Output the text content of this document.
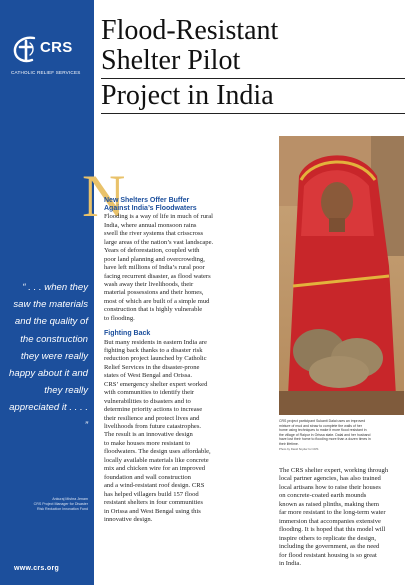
CRS
CATHOLIC RELIEF SERVICES
“ . . . when they saw the materials and the quality of the construction they were really happy about it and they really appreciated it . . . . ”
Ankuraj Mishra Jenam
CRS Project Manager for Disaster
Risk Reduction Innovation Fund
www.crs.org
Flood-Resistant
Shelter Pilot
Project in India
N
New Shelters Offer Buffer
Against India’s Floodwaters
Flooding is a way of life in much of rural
India, where annual monsoon rains
swell the river systems that crisscross
large areas of the nation’s vast landscape.
Years of deforestation, coupled with
poor land planning and overcrowding,
have left millions of India’s rural poor
facing recurrent disaster, as flood waters
wash away their livelihoods, their
material possessions and their homes,
most of which are built of a simple mud
construction that is highly vulnerable
to flooding.
Fighting Back
But many residents in eastern India are
fighting back thanks to a disaster risk
reduction project launched by Catholic
Relief Services in the disaster-prone
states of West Bengal and Orissa.
CRS’ emergency shelter expert worked
with communities to identify their
vulnerabilities to disasters and to
determine priority actions to increase
their resilience and protect lives and
livelihoods from future catastrophes.
The result is an innovative design
to make houses more resistant to
floodwaters. The design uses affordable,
locally available materials like concrete
mix and chicken wire for an improved
foundation and wall construction
and a wind-resistant roof design. CRS
has helped villagers build 157 flood
resistant shelters in four communities
in Orissa and West Bengal using this
innovative design.
CRS project participant Sukanti Dalai uses an improved
mixture of mud and straw to complete the walls of her
home using techniques to make it more flood resistant in
the village of Raipur in Orissa state. Dalai and her husband
have lost their home to flooding more than a dozen times in
their lifetime.
Photo by David Snyder for CRS
The CRS shelter expert, working through
local partner agencies, has also trained
local artisans how to raise their houses
on concrete-coated earth mounds
known as raised plinths, making them
far more resistant to the long-term water
immersion that accompanies extensive
flooding. It is hoped that this model will
inspire others to replicate the design,
including the government, as the need
for flood resistant housing is so great
in India.
